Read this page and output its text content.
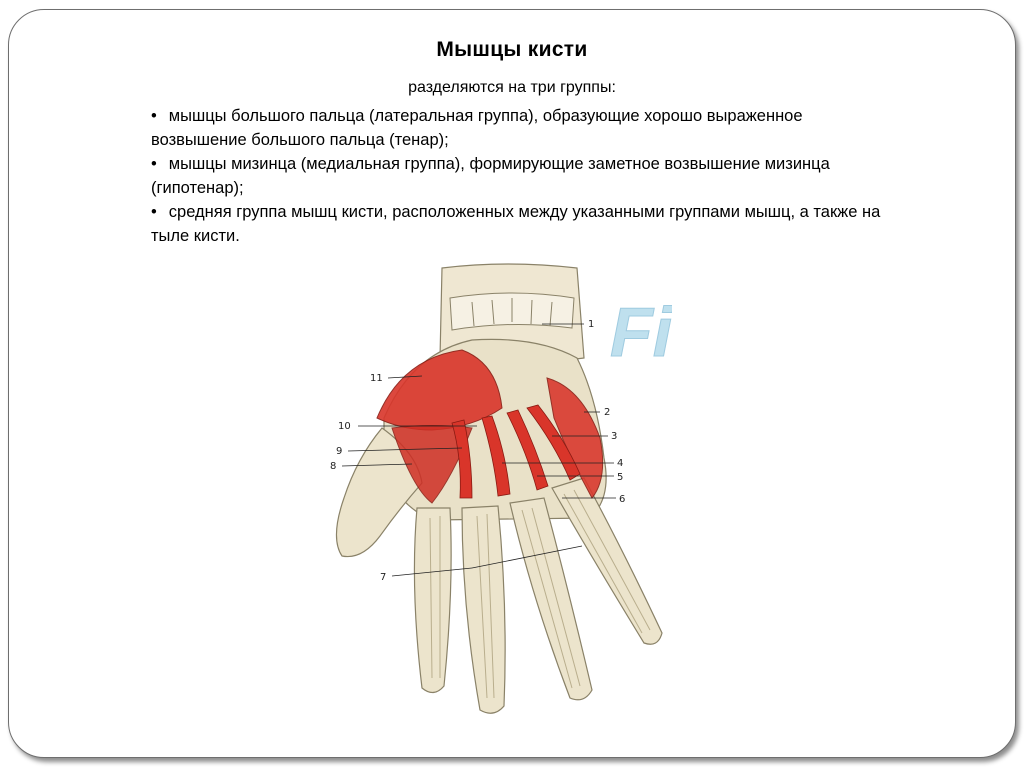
Мышцы кисти
разделяются на три группы:

• мышцы большого пальца (латеральная группа), образующие хорошо выраженное возвышение большого пальца (тенар);

• мышцы мизинца (медиальная группа), формирующие заметное возвышение мизинца (гипотенар);

• средняя группа мышц кисти, расположенных между указанными группами мышц, а также на тыле кисти.

Fi
1
2
3
4
5
6
7
8
9
10
11
